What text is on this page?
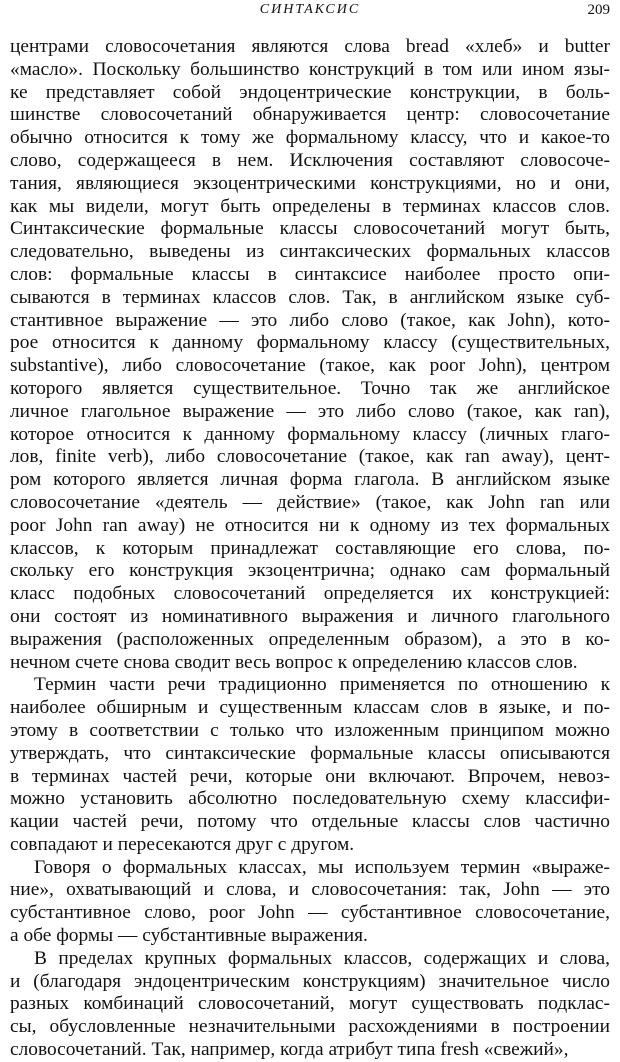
СИНТАКСИС	209
центрами словосочетания являются слова bread «хлеб» и butter
«масло». Поскольку большинство конструкций в том или ином язы-
ке представляет собой эндоцентрические конструкции, в боль-
шинстве словосочетаний обнаруживается центр: словосочетание
обычно относится к тому же формальному классу, что и какое-то
слово, содержащееся в нем. Исключения составляют словосоче-
тания, являющиеся экзоцентрическими конструкциями, но и они,
как мы видели, могут быть определены в терминах классов слов.
Синтаксические формальные классы словосочетаний могут быть,
следовательно, выведены из синтаксических формальных классов
слов: формальные классы в синтаксисе наиболее просто опи-
сываются в терминах классов слов. Так, в английском языке суб-
стантивное выражение — это либо слово (такое, как John), кото-
рое относится к данному формальному классу (существительных,
substantive), либо словосочетание (такое, как poor John), центром
которого является существительное. Точно так же английское
личное глагольное выражение — это либо слово (такое, как ran),
которое относится к данному формальному классу (личных глаго-
лов, finite verb), либо словосочетание (такое, как ran away), цент-
ром которого является личная форма глагола. В английском языке
словосочетание «деятель — действие» (такое, как John ran или
poor John ran away) не относится ни к одному из тех формальных
классов, к которым принадлежат составляющие его слова, по-
скольку его конструкция экзоцентрична; однако сам формальный
класс подобных словосочетаний определяется их конструкцией:
они состоят из номинативного выражения и личного глагольного
выражения (расположенных определенным образом), а это в ко-
нечном счете снова сводит весь вопрос к определению классов слов.
Термин части речи традиционно применяется по отношению к
наиболее обширным и существенным классам слов в языке, и по-
этому в соответствии с только что изложенным принципом можно
утверждать, что синтаксические формальные классы описываются
в терминах частей речи, которые они включают. Впрочем, невоз-
можно установить абсолютно последовательную схему классифи-
кации частей речи, потому что отдельные классы слов частично
совпадают и пересекаются друг с другом.
Говоря о формальных классах, мы используем термин «выраже-
ние», охватывающий и слова, и словосочетания: так, John — это
субстантивное слово, poor John — субстантивное словосочетание,
а обе формы — субстантивные выражения.
В пределах крупных формальных классов, содержащих и слова,
и (благодаря эндоцентрическим конструкциям) значительное число
разных комбинаций словосочетаний, могут существовать подклас-
сы, обусловленные незначительными расхождениями в построении
словосочетаний. Так, например, когда атрибут типа fresh «свежий»,
